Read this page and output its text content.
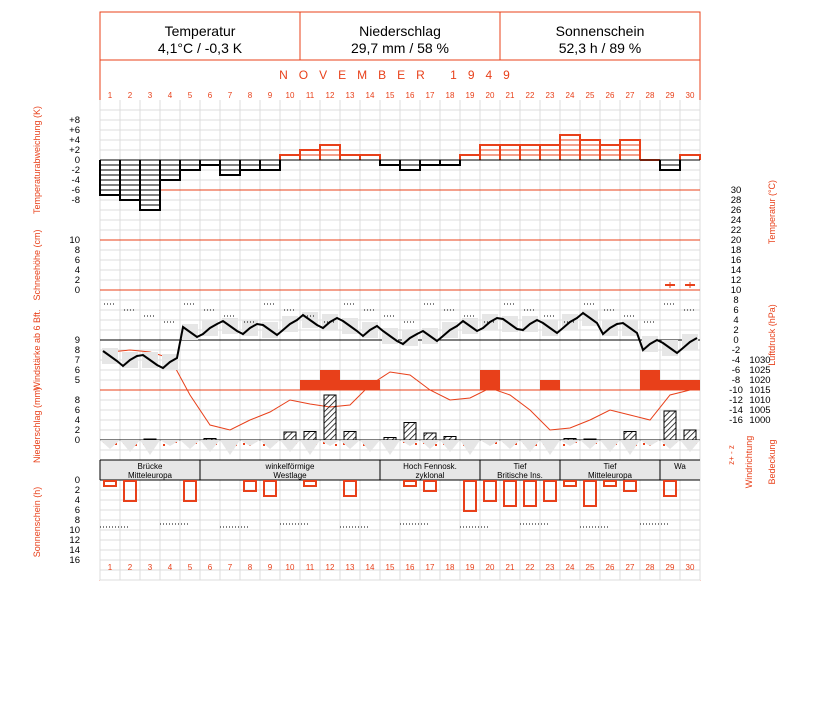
Temperatur
4,1°C / -0,3 K
Niederschlag
29,7 mm / 58 %
Sonnenschein
52,3 h / 89 %
NOVEMBER 1949
1
1
2
2
3
3
4
4
5
5
6
6
7
7
8
8
9
9
10
10
11
11
12
12
13
13
14
14
15
15
16
16
17
17
18
18
19
19
20
20
21
21
22
22
23
23
24
24
25
25
26
26
27
27
28
28
29
29
30
30
Brücke
Mitteleuropa
winkelförmige
Westlage
Hoch Fennosk.
zyklonal
Tief
Britische Ins.
Tief
Mitteleuropa
Wa
+8
+6
+4
+2
0
-2
-4
-6
-8
10
8
6
4
2
0
9
8
7
6
5
8
6
4
2
0
0
2
4
6
8
10
12
14
16
30
28
26
24
22
20
18
16
14
12
10
8
6
4
2
0
-2
-4
-6
-8
-10
-12
-14
-16
1030
1025
1020
1015
1010
1005
1000
Temperaturabweichung (K)
Schneehöhe (cm)
Windstärke ab 6 Bft.
Niederschlag (mm)
Sonnenschein (h)
Temperatur (°C)
Luftdruck (hPa)
Windrichtung Bedeckung
z+ - z
